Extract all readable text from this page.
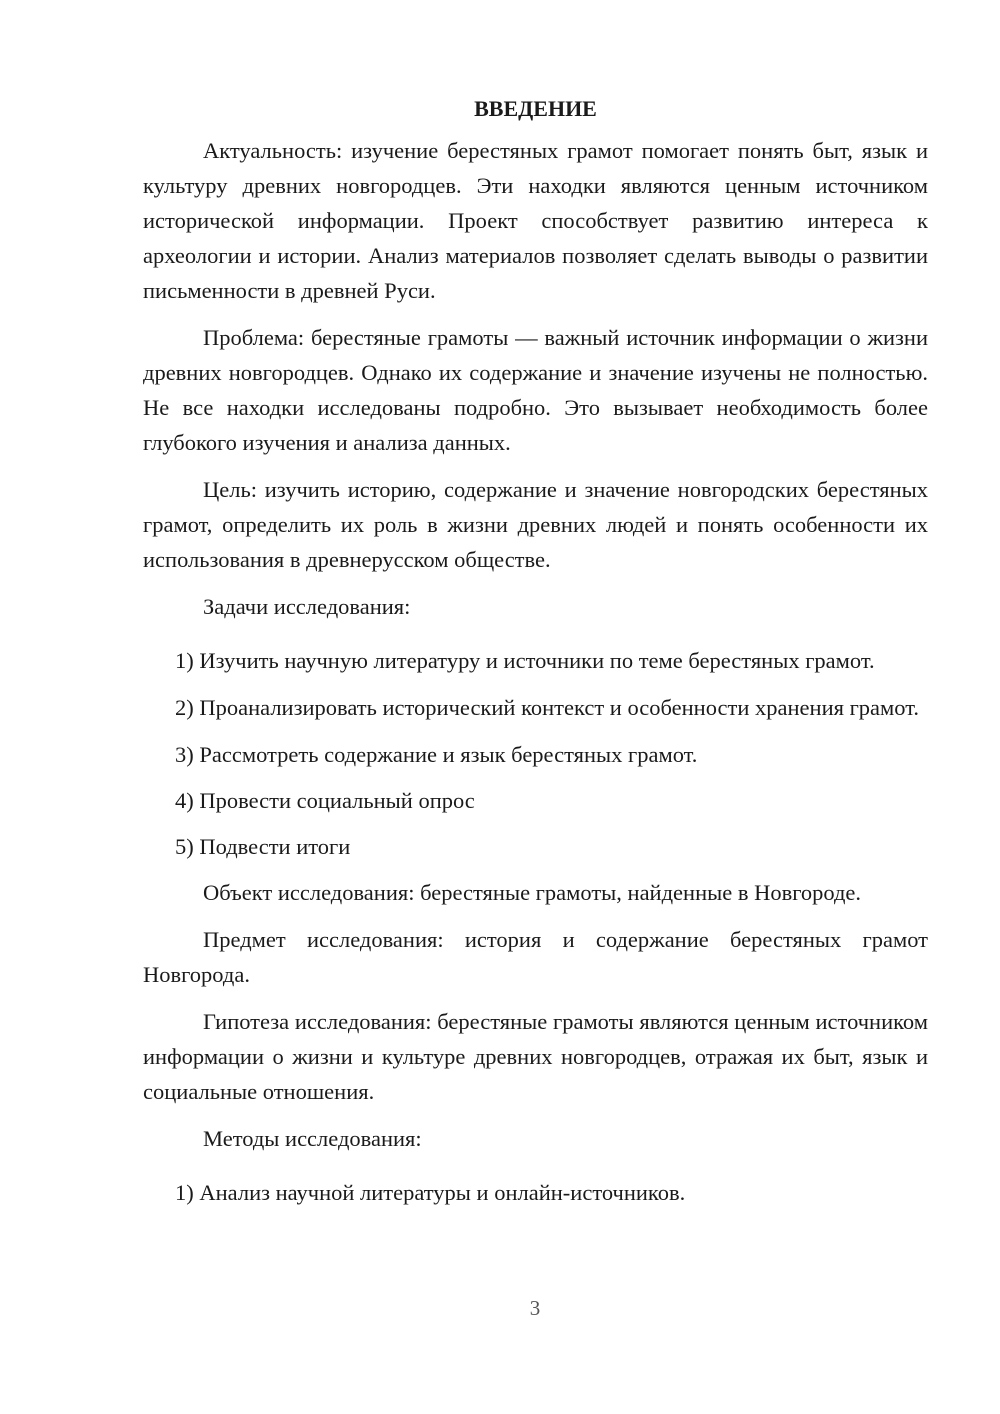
ВВЕДЕНИЕ

Актуальность: изучение берестяных грамот помогает понять быт, язык и культуру древних новгородцев. Эти находки являются ценным источником исторической информации. Проект способствует развитию интереса к археологии и истории. Анализ материалов позволяет сделать выводы о развитии письменности в древней Руси.

Проблема: берестяные грамоты — важный источник информации о жизни древних новгородцев. Однако их содержание и значение изучены не полностью. Не все находки исследованы подробно. Это вызывает необходимость более глубокого изучения и анализа данных.

Цель: изучить историю, содержание и значение новгородских берестяных грамот, определить их роль в жизни древних людей и понять особенности их использования в древнерусском обществе.

Задачи исследования:

1) Изучить научную литературу и источники по теме берестяных грамот.

2) Проанализировать исторический контекст и особенности хранения грамот.

3) Рассмотреть содержание и язык берестяных грамот.

4) Провести социальный опрос

5) Подвести итоги

Объект исследования: берестяные грамоты, найденные в Новгороде.

Предмет исследования: история и содержание берестяных грамот Новгорода.

Гипотеза исследования: берестяные грамоты являются ценным источником информации о жизни и культуре древних новгородцев, отражая их быт, язык и социальные отношения.

Методы исследования:

1) Анализ научной литературы и онлайн-источников.

3
